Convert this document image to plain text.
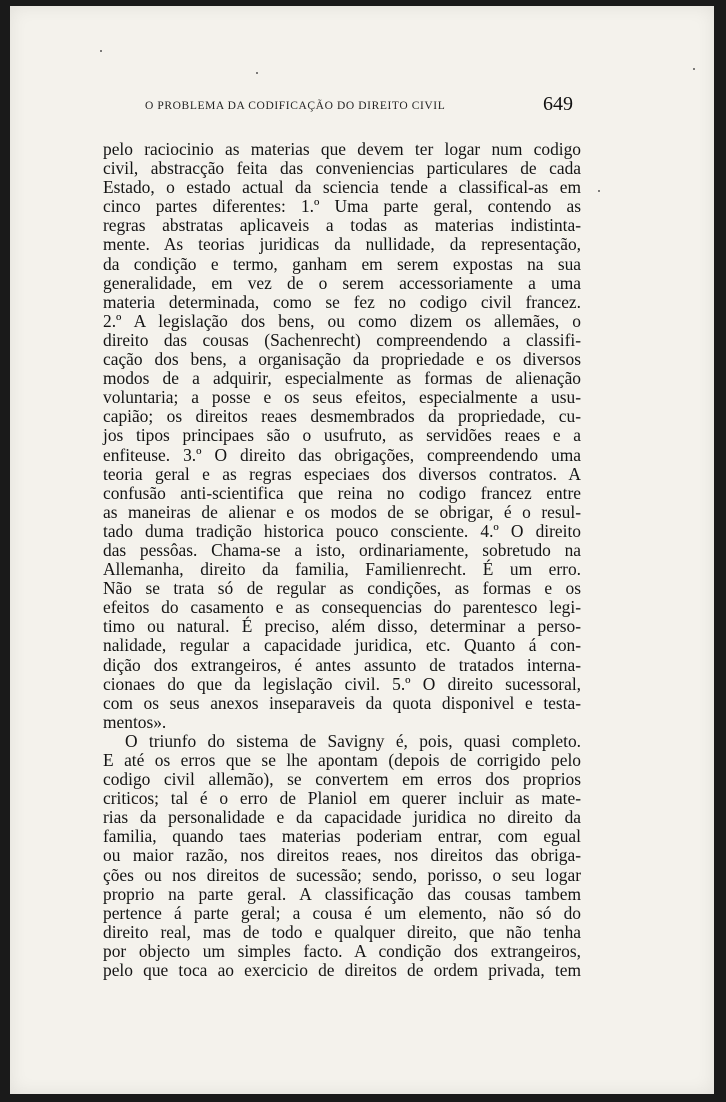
O PROBLEMA DA CODIFICAÇÃO DO DIREITO CIVIL	649
pelo raciocinio as materias que devem ter logar num codigo
civil, abstracção feita das conveniencias particulares de cada
Estado, o estado actual da sciencia tende a classifical-as em
cinco partes diferentes: 1.º Uma parte geral, contendo as
regras abstratas aplicaveis a todas as materias indistinta-
mente. As teorias juridicas da nullidade, da representação,
da condição e termo, ganham em serem expostas na sua
generalidade, em vez de o serem accessoriamente a uma
materia determinada, como se fez no codigo civil francez.
2.º A legislação dos bens, ou como dizem os allemães, o
direito das cousas (Sachenrecht) compreendendo a classifi-
cação dos bens, a organisação da propriedade e os diversos
modos de a adquirir, especialmente as formas de alienação
voluntaria; a posse e os seus efeitos, especialmente a usu-
capião; os direitos reaes desmembrados da propriedade, cu-
jos tipos principaes são o usufruto, as servidões reaes e a
enfiteuse. 3.º O direito das obrigações, compreendendo uma
teoria geral e as regras especiaes dos diversos contratos. A
confusão anti-scientifica que reina no codigo francez entre
as maneiras de alienar e os modos de se obrigar, é o resul-
tado duma tradição historica pouco consciente. 4.º O direito
das pessôas. Chama-se a isto, ordinariamente, sobretudo na
Allemanha, direito da familia, Familienrecht. É um erro.
Não se trata só de regular as condições, as formas e os
efeitos do casamento e as consequencias do parentesco legi-
timo ou natural. É preciso, além disso, determinar a perso-
nalidade, regular a capacidade juridica, etc. Quanto á con-
dição dos extrangeiros, é antes assunto de tratados interna-
cionaes do que da legislação civil. 5.º O direito sucessoral,
com os seus anexos inseparaveis da quota disponivel e testa-
mentos».
O triunfo do sistema de Savigny é, pois, quasi completo.
E até os erros que se lhe apontam (depois de corrigido pelo
codigo civil allemão), se convertem em erros dos proprios
criticos; tal é o erro de Planiol em querer incluir as mate-
rias da personalidade e da capacidade juridica no direito da
familia, quando taes materias poderiam entrar, com egual
ou maior razão, nos direitos reaes, nos direitos das obriga-
ções ou nos direitos de sucessão; sendo, porisso, o seu logar
proprio na parte geral. A classificação das cousas tambem
pertence á parte geral; a cousa é um elemento, não só do
direito real, mas de todo e qualquer direito, que não tenha
por objecto um simples facto. A condição dos extrangeiros,
pelo que toca ao exercicio de direitos de ordem privada, tem
